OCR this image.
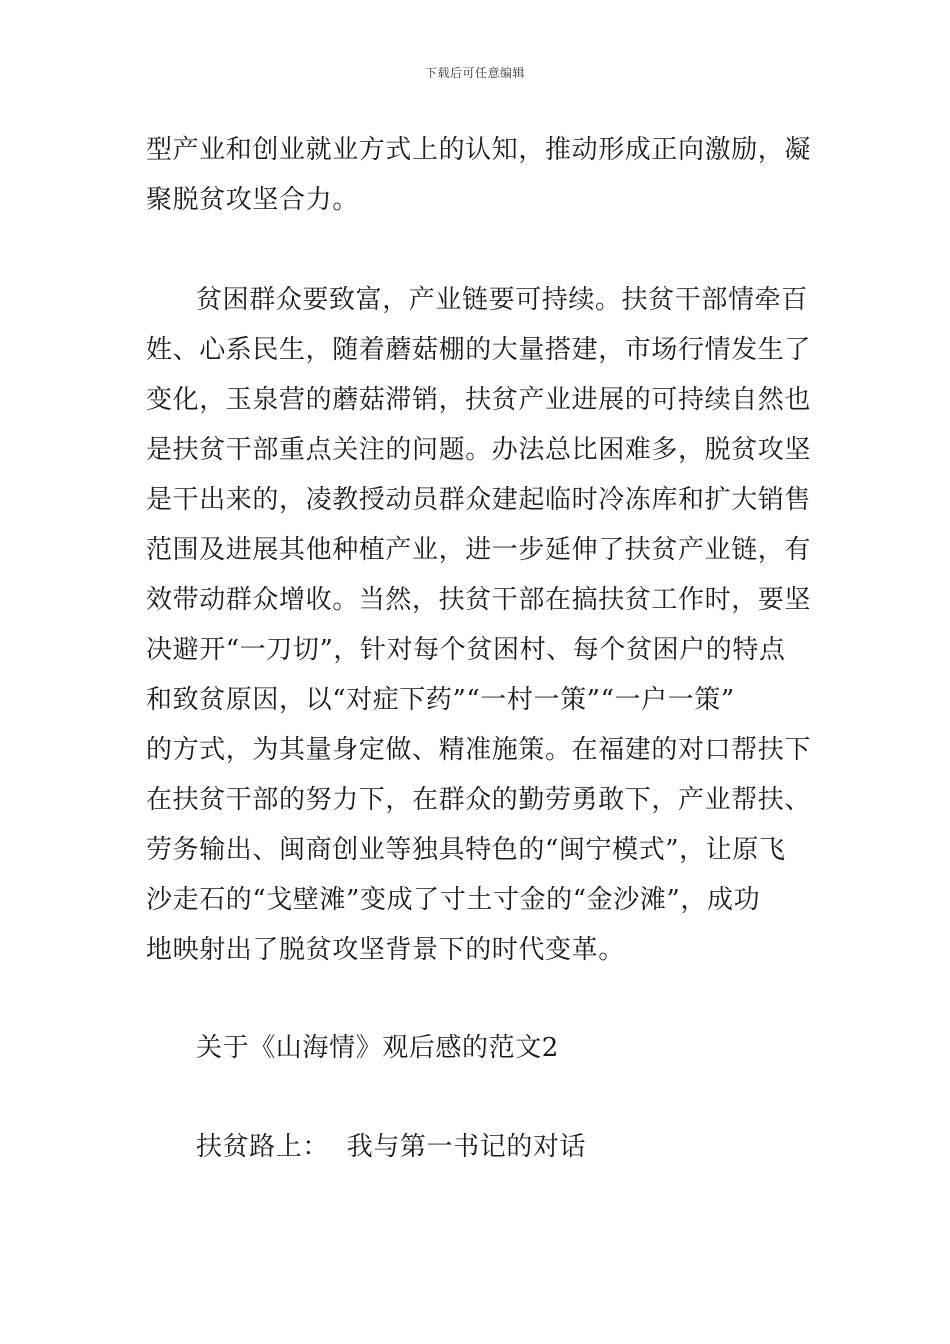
下载后可任意编辑
型产业和创业就业方式上的认知，推动形成正向激励，凝
聚脱贫攻坚合力。
贫困群众要致富，产业链要可持续。扶贫干部情牵百
姓、心系民生，随着蘑菇棚的大量搭建，市场行情发生了
变化，玉泉营的蘑菇滞销，扶贫产业进展的可持续自然也
是扶贫干部重点关注的问题。办法总比困难多，脱贫攻坚
是干出来的，凌教授动员群众建起临时冷冻库和扩大销售
范围及进展其他种植产业，进一步延伸了扶贫产业链，有
效带动群众增收。当然，扶贫干部在搞扶贫工作时，要坚
决避开“一刀切”，针对每个贫困村、每个贫困户的特点
和致贫原因，以“对症下药”“一村一策”“一户一策”
的方式，为其量身定做、精准施策。在福建的对口帮扶下
在扶贫干部的努力下，在群众的勤劳勇敢下，产业帮扶、
劳务输出、闽商创业等独具特色的“闽宁模式”，让原飞
沙走石的“戈壁滩”变成了寸土寸金的“金沙滩”，成功
地映射出了脱贫攻坚背景下的时代变革。
关于《山海情》观后感的范文2
扶贫路上：  我与第一书记的对话
